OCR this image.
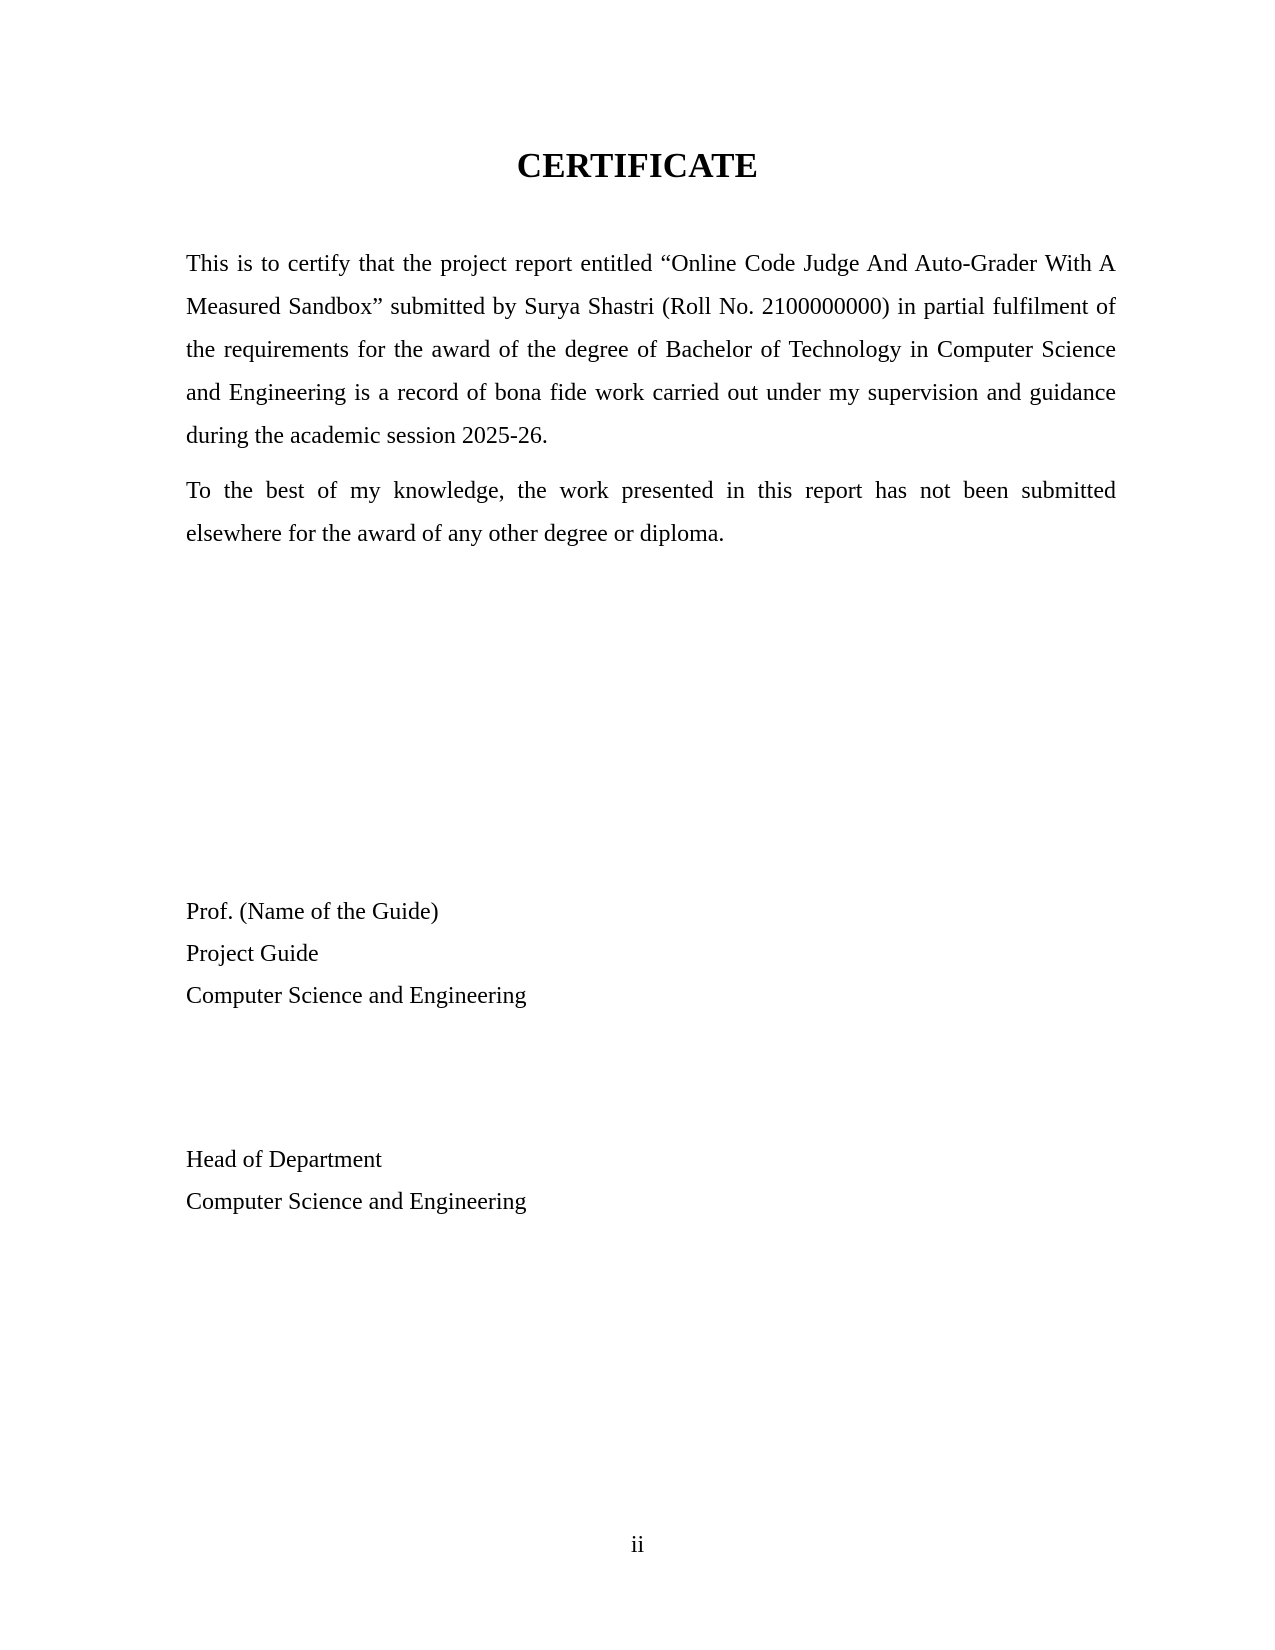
CERTIFICATE

This is to certify that the project report entitled “Online Code Judge And Auto-Grader With A Measured Sandbox” submitted by Surya Shastri (Roll No. 2100000000) in partial fulfilment of the requirements for the award of the degree of Bachelor of Technology in Computer Science and Engineering is a record of bona fide work carried out under my supervision and guidance during the academic session 2025-26.

To the best of my knowledge, the work presented in this report has not been submitted elsewhere for the award of any other degree or diploma.

Prof. (Name of the Guide)
Project Guide
Computer Science and Engineering
Head of Department
Computer Science and Engineering
ii
